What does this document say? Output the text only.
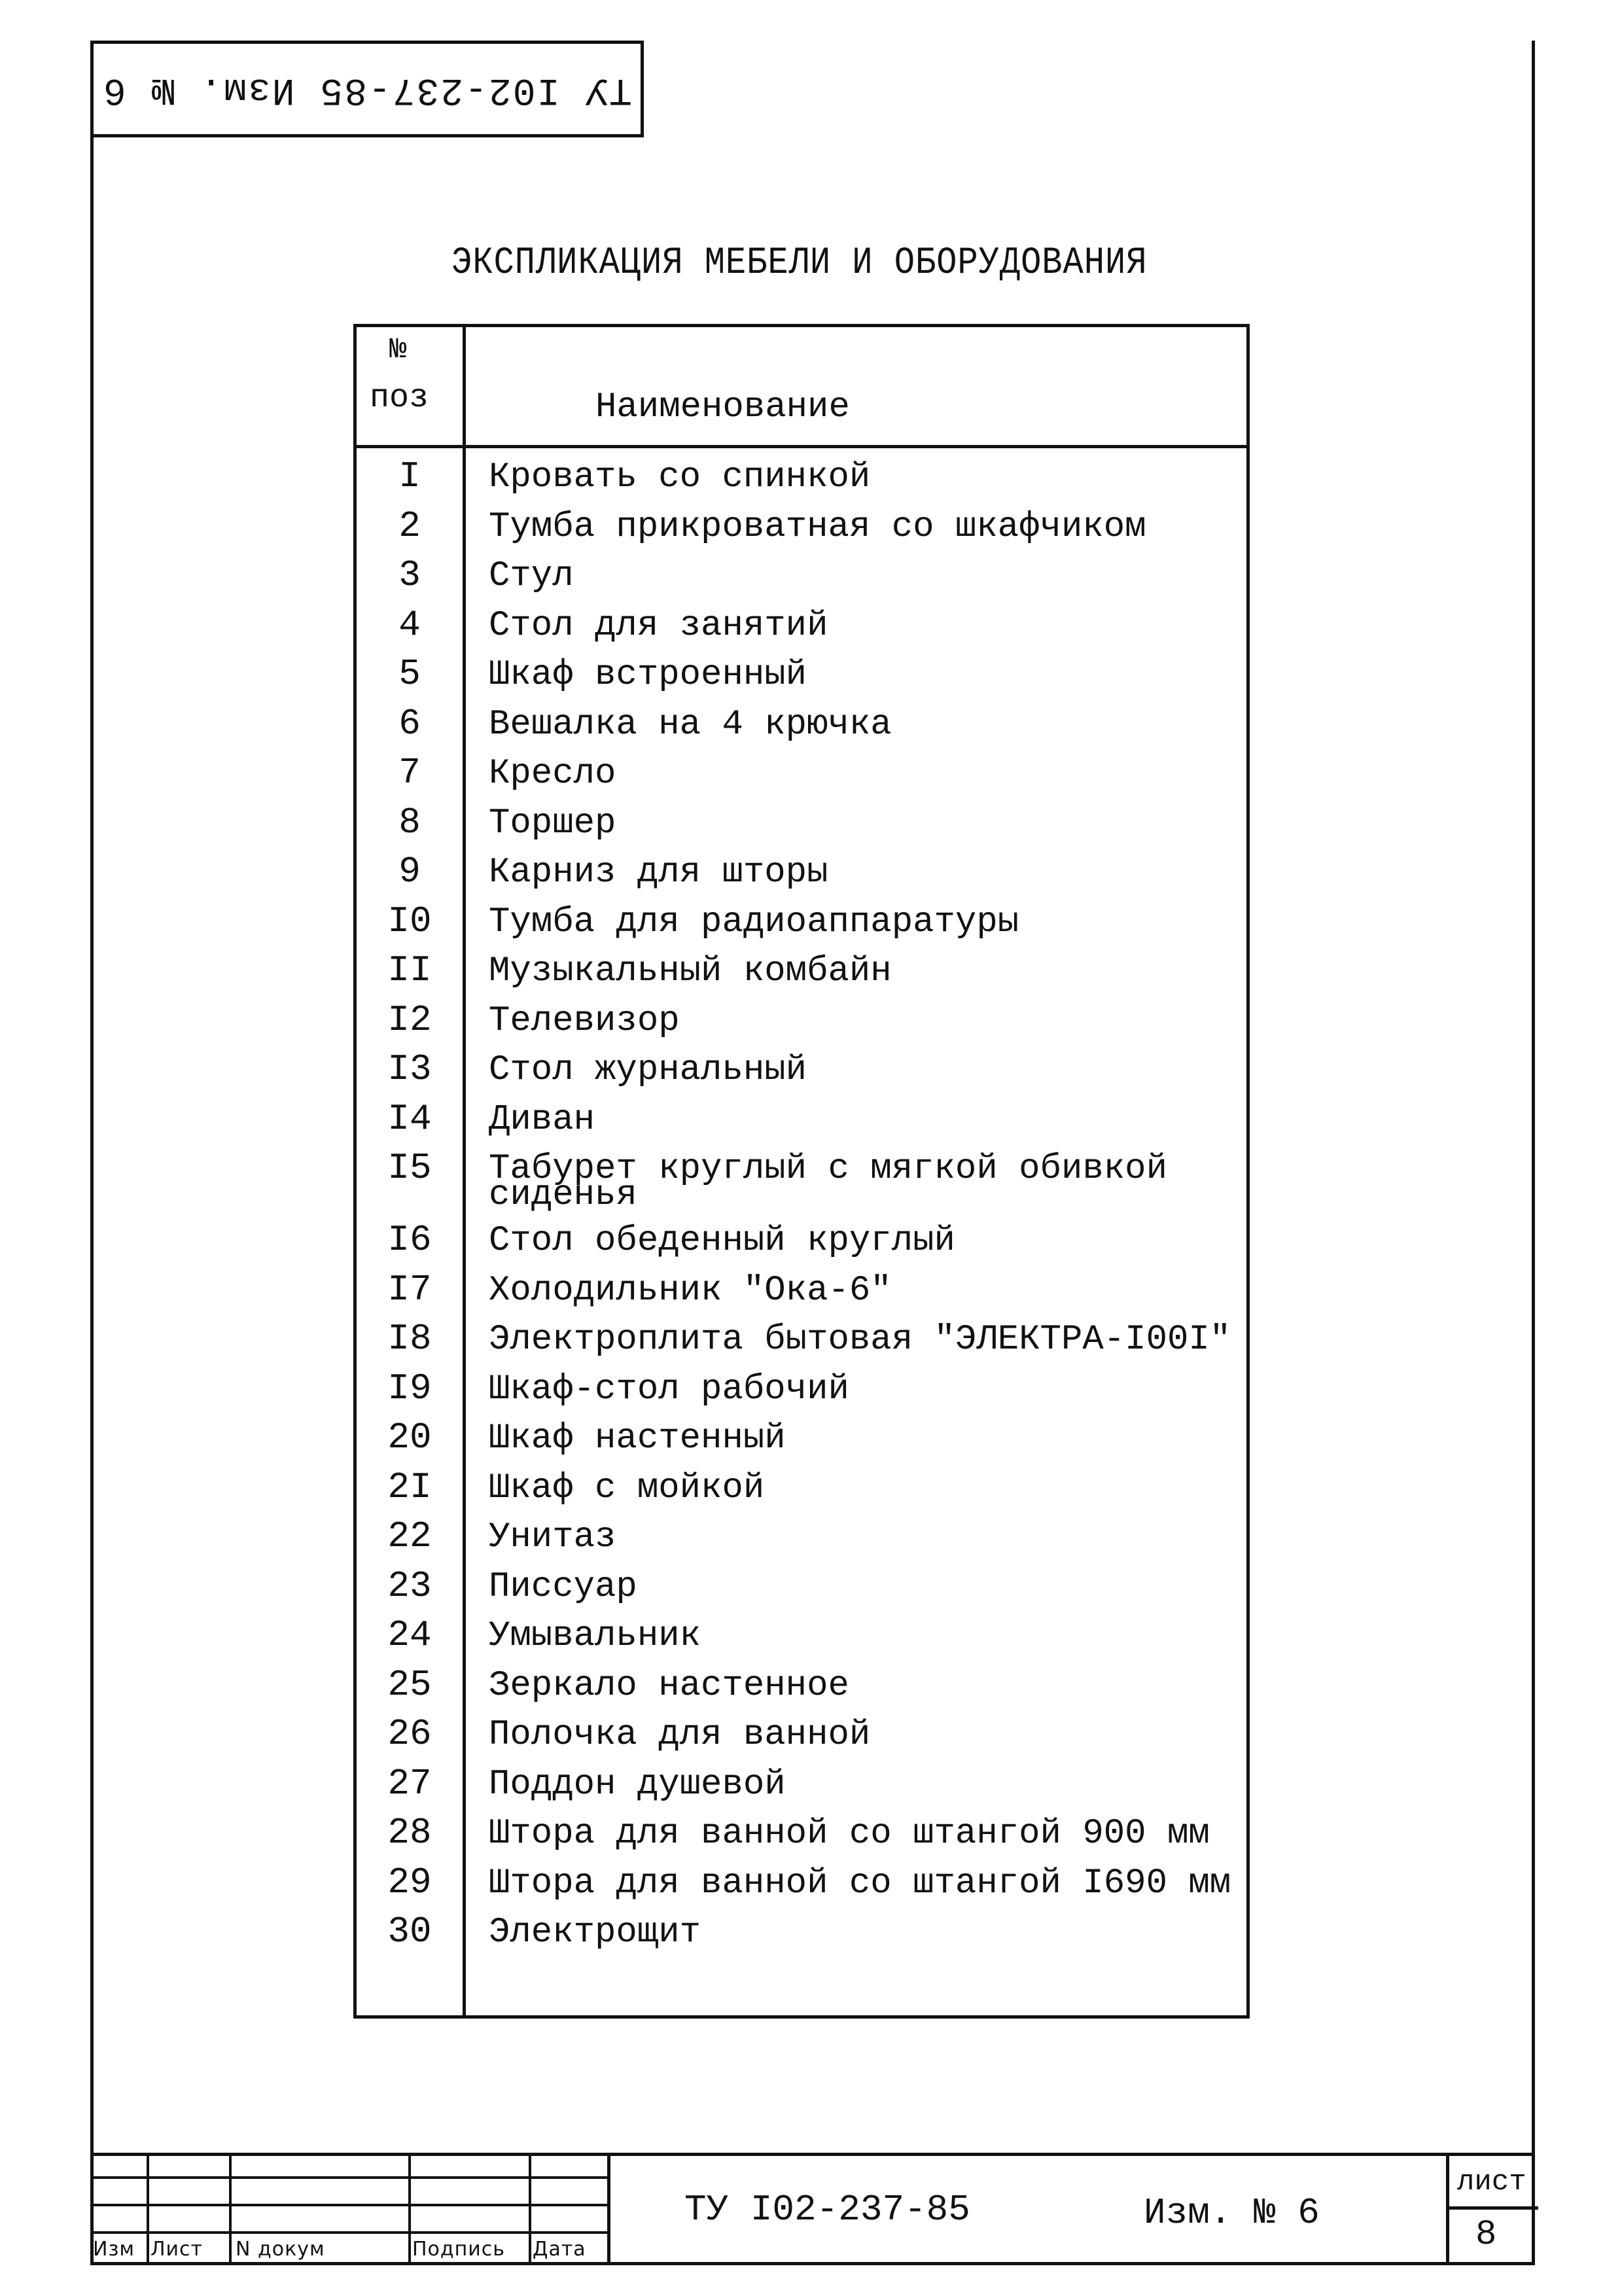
ТУ I02-237-85 Изм. № 6
ЭКСПЛИКАЦИЯ МЕБЕЛИ И ОБОРУДОВАНИЯ
№
поз	Наименование
I	Кровать со спинкой
2	Тумба прикроватная со шкафчиком
3	Стул
4	Стол для занятий
5	Шкаф встроенный
6	Вешалка на 4 крючка
7	Кресло
8	Торшер
9	Карниз для шторы
I0	Тумба для радиоаппаратуры
II	Музыкальный комбайн
I2	Телевизор
I3	Стол журнальный
I4	Диван
I5	Табурет круглый с мягкой обивкой
сиденья
I6	Стол обеденный круглый
I7	Холодильник "Ока-6"
I8	Электроплита бытовая "ЭЛЕКТРА-I00I"
I9	Шкаф-стол рабочий
20	Шкаф настенный
2I	Шкаф с мойкой
22	Унитаз
23	Писсуар
24	Умывальник
25	Зеркало настенное
26	Полочка для ванной
27	Поддон душевой
28	Штора для ванной со штангой 900 мм
29	Штора для ванной со штангой I690 мм
30	Электрощит
Изм Лист N докум	Подпись Дата
ТУ I02-237-85	Изм. № 6
лист
8
